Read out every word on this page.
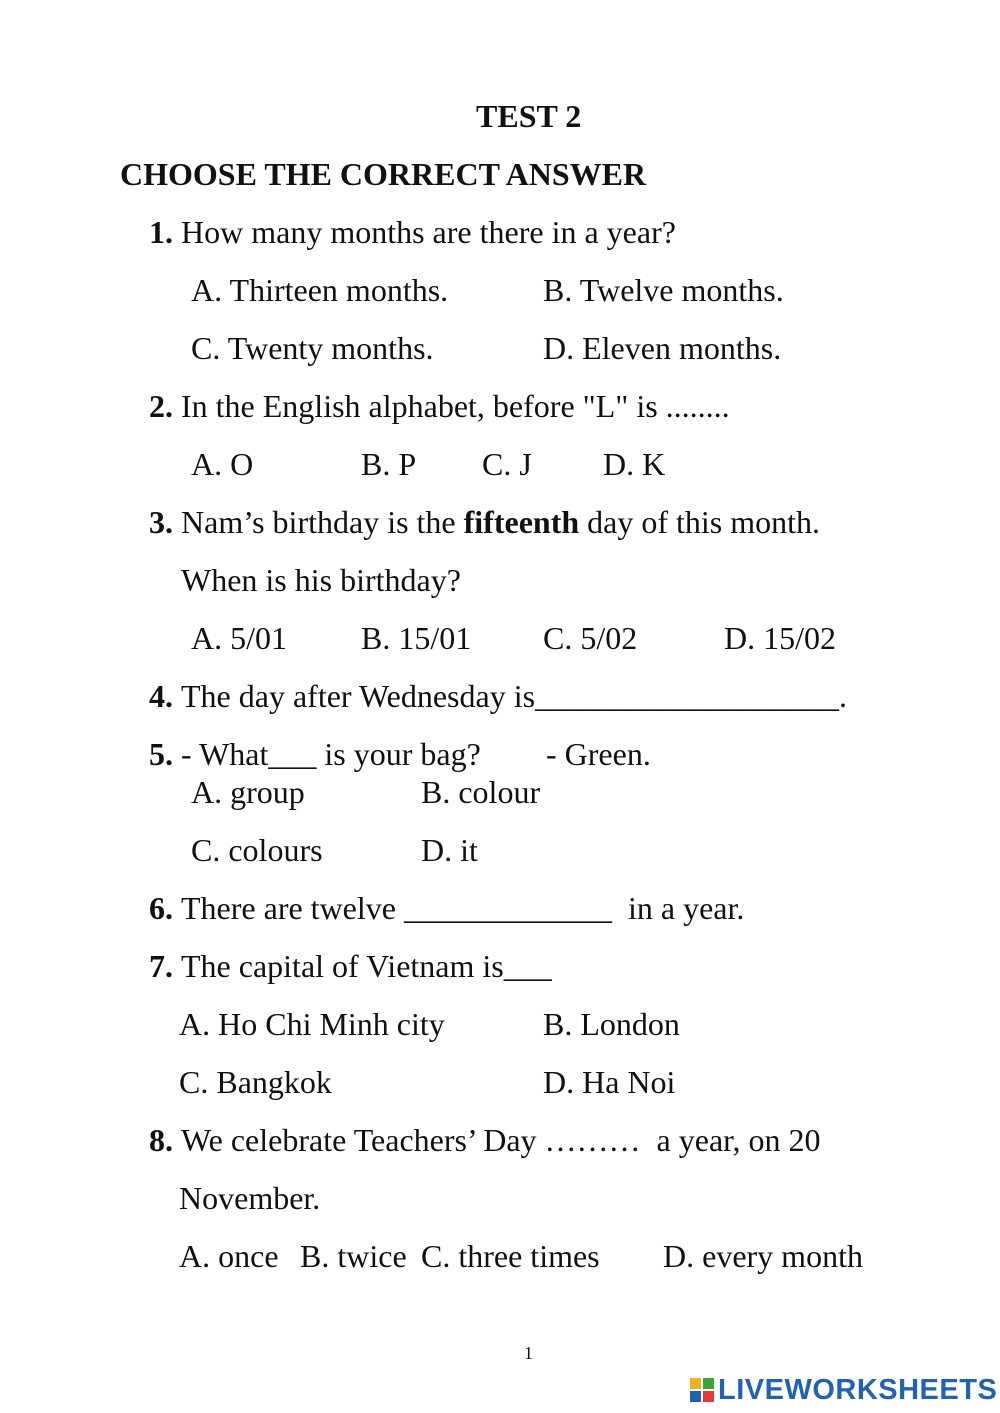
TEST 2
CHOOSE THE CORRECT ANSWER
1. How many months are there in a year?
A. Thirteen months.	B. Twelve months.
C. Twenty months.	D. Eleven months.
2. In the English alphabet, before "L" is ........
A. O	B. P C. J D. K
3. Nam’s birthday is the fifteenth day of this month.
When is his birthday?
A. 5/01 B. 15/01 C. 5/02	D. 15/02
4. The day after Wednesday is___________________.
5. - What___ is your bag? - Green.
A. group	B. colour
C. colours	D. it
6. There are twelve _____________  in a year.
7. The capital of Vietnam is___
A. Ho Chi Minh city	B. London
C. Bangkok	D. Ha Noi
8. We celebrate Teachers’ Day ………  a year, on 20
November.
A. once B. twice C. three times D. every month
1
LIVEWORKSHEETS
